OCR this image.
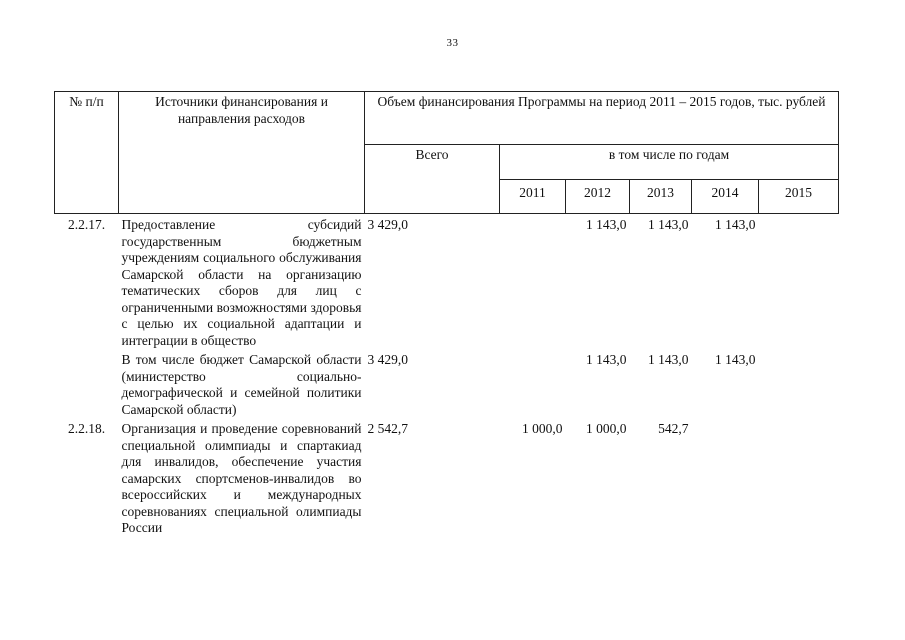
33
№ п/п	Источники финансирования и направления расходов	Объем финансирования Программы на период 2011 – 2015 годов, тыс. рублей					
		Всего	в том числе по годам				
			2011	2012	2013	2014	2015
2.2.17.	Предоставление субсидий государственным бюджетным учреждениям социального обслуживания Самарской области на организацию тематических сборов для лиц с ограниченными возможностями здоровья с целью их социальной адаптации и интеграции в общество	3 429,0		1 143,0	1 143,0	1 143,0	
	В том числе бюджет Самарской области (министерство социально-демографической и семейной политики Самарской области)	3 429,0		1 143,0	1 143,0	1 143,0	
2.2.18.	Организация и проведение соревнований специальной олимпиады и спартакиад для инвалидов, обеспечение участия самарских спортсменов-инвалидов во всероссийских и международных соревнованиях специальной олимпиады России	2 542,7	1 000,0	1 000,0	542,7		
